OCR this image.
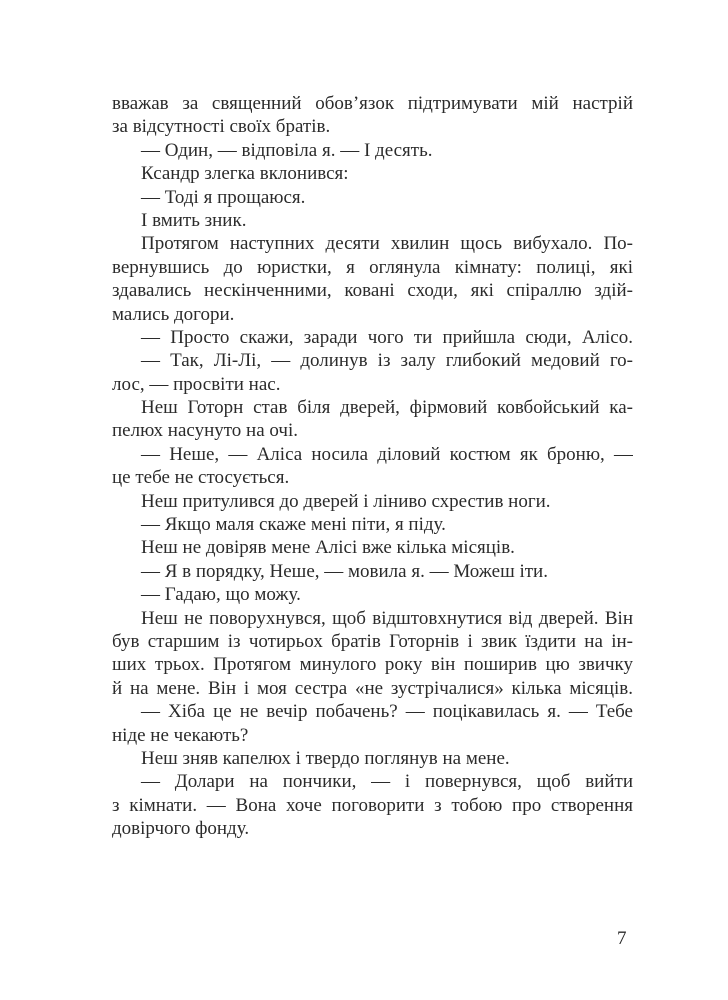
вважав за священний обов’язок підтримувати мій настрій
за відсутності своїх братів.
— Один, — відповіла я. — І десять.
Ксандр злегка вклонився:
— Тоді я прощаюся.
І вмить зник.
Протягом наступних десяти хвилин щось вибухало. По-
вернувшись до юристки, я оглянула кімнату: полиці, які
здавались нескінченними, ковані сходи, які спіраллю здій-
мались догори.
— Просто скажи, заради чого ти прийшла сюди, Алісо.
— Так, Лі-Лі, — долинув із залу глибокий медовий го-
лос, — просвіти нас.
Неш Готорн став біля дверей, фірмовий ковбойський ка-
пелюх насунуто на очі.
— Неше, — Аліса носила діловий костюм як броню, —
це тебе не стосується.
Неш притулився до дверей і ліниво схрестив ноги.
— Якщо маля скаже мені піти, я піду.
Неш не довіряв мене Алісі вже кілька місяців.
— Я в порядку, Неше, — мовила я. — Можеш іти.
— Гадаю, що можу.
Неш не поворухнувся, щоб відштовхнутися від дверей. Він
був старшим із чотирьох братів Готорнів і звик їздити на ін-
ших трьох. Протягом минулого року він поширив цю звичку
й на мене. Він і моя сестра «не зустрічалися» кілька місяців.
— Хіба це не вечір побачень? — поцікавилась я. — Тебе
ніде не чекають?
Неш зняв капелюх і твердо поглянув на мене.
— Долари на пончики, — і повернувся, щоб вийти
з кімнати. — Вона хоче поговорити з тобою про створення
довірчого фонду.
7
